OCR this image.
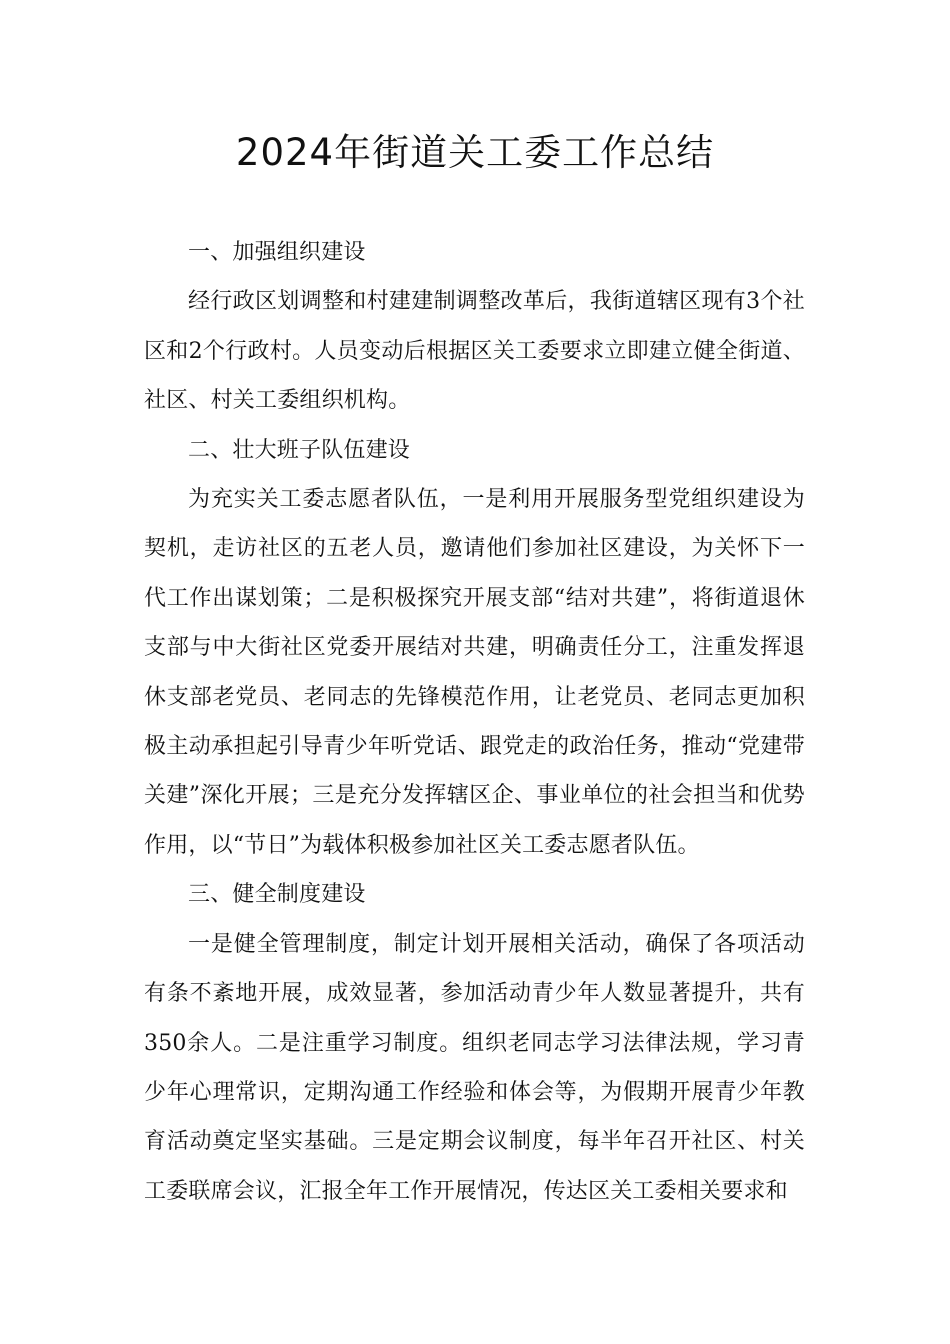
2024年街道关工委工作总结

一、加强组织建设

经行政区划调整和村建建制调整改革后，我街道辖区现有3个社区和2个行政村。人员变动后根据区关工委要求立即建立健全街道、社区、村关工委组织机构。

二、壮大班子队伍建设

为充实关工委志愿者队伍，一是利用开展服务型党组织建设为契机，走访社区的五老人员，邀请他们参加社区建设，为关怀下一代工作出谋划策；二是积极探究开展支部“结对共建”，将街道退休支部与中大街社区党委开展结对共建，明确责任分工，注重发挥退休支部老党员、老同志的先锋模范作用，让老党员、老同志更加积极主动承担起引导青少年听党话、跟党走的政治任务，推动“党建带关建”深化开展；三是充分发挥辖区企、事业单位的社会担当和优势作用，以“节日”为载体积极参加社区关工委志愿者队伍。

三、健全制度建设

一是健全管理制度，制定计划开展相关活动，确保了各项活动有条不紊地开展，成效显著，参加活动青少年人数显著提升，共有350余人。二是注重学习制度。组织老同志学习法律法规，学习青少年心理常识，定期沟通工作经验和体会等，为假期开展青少年教育活动奠定坚实基础。三是定期会议制度，每半年召开社区、村关工委联席会议，汇报全年工作开展情况，传达区关工委相关要求和
